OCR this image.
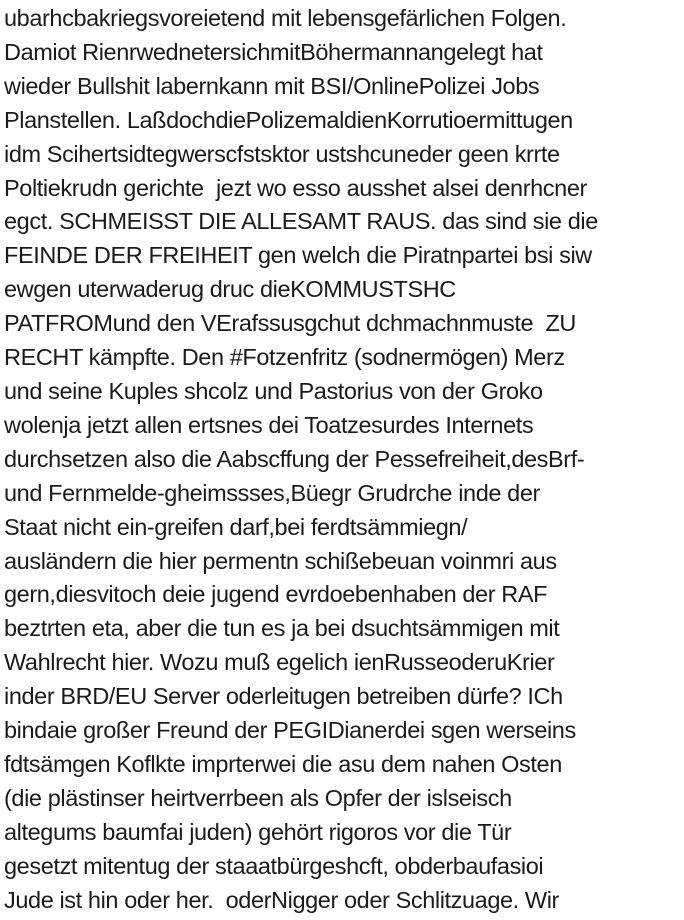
ubarhcbakriegsvoreietend mit lebensgefärlichen Folgen.
Damiot RienrwednetersichmitBöhermannangelegt hat
wieder Bullshit labernkann mit BSI/OnlinePolizei Jobs
Planstellen. LaßdochdiePolizemaldienKorrutioermittugen
idm Scihertsidtegwerscfstsktor ustshcuneder geen krrte
Poltiekrudn gerichte  jezt wo esso ausshet alsei denrhcner
egct. SCHMEISST DIE ALLESAMT RAUS. das sind sie die
FEINDE DER FREIHEIT gen welch die Piratnpartei bsi siw
ewgen uterwaderug druc dieKOMMUSTSHC
PATFROMund den VErafssusgchut dchmachnmuste  ZU
RECHT kämpfte. Den #Fotzenfritz (sodnermögen) Merz
und seine Kuples shcolz und Pastorius von der Groko
wolenja jetzt allen ertsnes dei Toatzesurdes Internets
durchsetzen also die Aabscffung der Pessefreiheit,desBrf-
und Fernmelde-gheimssses,Büegr Grudrche inde der
Staat nicht ein-greifen darf,bei ferdtsämmiegn/
ausländern die hier permentn schißebeuan voinmri aus
gern,diesvitoch deie jugend evrdoebenhaben der RAF
beztrten eta, aber die tun es ja bei dsuchtsämmigen mit
Wahlrecht hier. Wozu muß egelich ienRusseoderuKrier
inder BRD/EU Server oderleitugen betreiben dürfe? ICh
bindaie großer Freund der PEGIDianerdei sgen werseins
fdtsämgen Koflkte imprterwei die asu dem nahen Osten
(die plästinser heirtverrbeen als Opfer der islseisch
altegums baumfai juden) gehört rigoros vor die Tür
gesetzt mitentug der staaatbürgeshcft, obderbaufasioi
Jude ist hin oder her.  oderNigger oder Schlitzuage. Wir
